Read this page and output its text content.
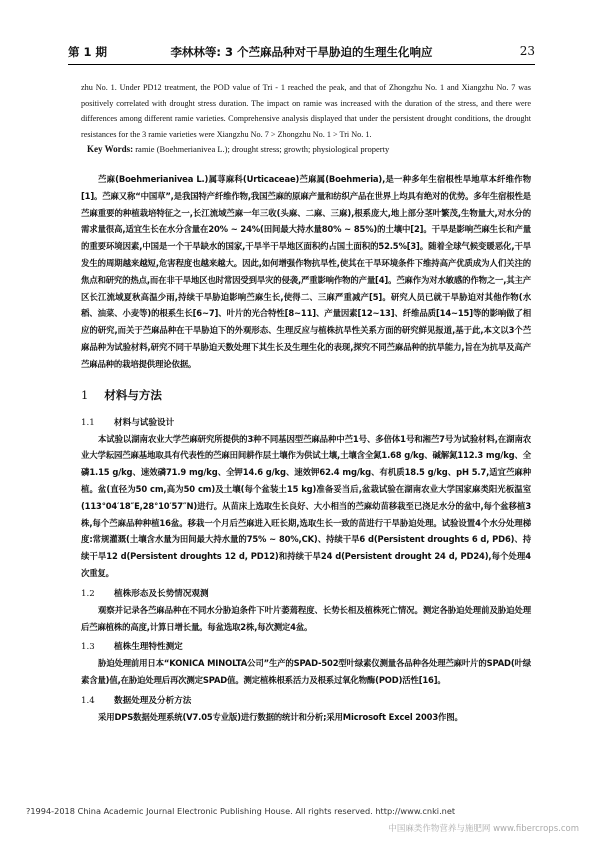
第 1 期	李林林等: 3 个苎麻品种对干旱胁迫的生理生化响应	23

zhu No. 1. Under PD12 treatment, the POD value of Tri - 1 reached the peak, and that of Zhongzhu No. 1 and Xiangzhu No. 7 was positively correlated with drought stress duration. The impact on ramie was increased with the duration of the stress, and there were differences among different ramie varieties. Comprehensive analysis displayed that under the persistent drought conditions, the drought resistances for the 3 ramie varieties were Xiangzhu No. 7 > Zhongzhu No. 1 > Tri No. 1.

Key Words: ramie (Boehmerianivea L.); drought stress; growth; physiological property

苎麻(Boehmerianivea L.)属荨麻科(Urticaceae)苎麻属(Boehmeria),是一种多年生宿根性旱地草本纤维作物[1]。苎麻又称“中国草”,是我国特产纤维作物,我国苎麻的原麻产量和纺织产品在世界上均具有绝对的优势。多年生宿根性是苎麻重要的种植栽培特征之一,长江流域苎麻一年三收(头麻、二麻、三麻),根系庞大,地上部分茎叶繁茂,生物量大,对水分的需求量很高,适宜生长在水分含量在20% ~ 24%(田间最大持水量80% ~ 85%)的土壤中[2]。干旱是影响苎麻生长和产量的重要环境因素,中国是一个干旱缺水的国家,干旱半干旱地区面积约占国土面积的52.5%[3]。随着全球气候变暖恶化,干旱发生的周期越来越短,危害程度也越来越大。因此,如何增强作物抗旱性,使其在干旱环境条件下维持高产优质成为人们关注的焦点和研究的热点,而在非干旱地区也时常因受到旱灾的侵袭,严重影响作物的产量[4]。苎麻作为对水敏感的作物之一,其主产区长江流域夏秋高温少雨,持续干旱胁迫影响苎麻生长,使得二、三麻严重减产[5]。研究人员已就干旱胁迫对其他作物(水稻、油菜、小麦等)的根系生长[6~7]、叶片的光合特性[8~11]、产量因素[12~13]、纤维品质[14~15]等的影响做了相应的研究,而关于苎麻品种在干旱胁迫下的外观形态、生理反应与植株抗旱性关系方面的研究鲜见报道,基于此,本文以3个苎麻品种为试验材料,研究不同干旱胁迫天数处理下其生长及生理生化的表现,探究不同苎麻品种的抗旱能力,旨在为抗旱及高产苎麻品种的栽培提供理论依据。

1 材料与方法
1.1 材料与试验设计

本试验以湖南农业大学苎麻研究所提供的3种不同基因型苎麻品种中苎1号、多倍体1号和湘苎7号为试验材料,在湖南农业大学耘园苎麻基地取具有代表性的苎麻田间耕作层土壤作为供试土壤,土壤含全氮1.68 g/kg、碱解氮112.3 mg/kg、全磷1.15 g/kg、速效磷71.9 mg/kg、全钾14.6 g/kg、速效钾62.4 mg/kg、有机质18.5 g/kg、pH 5.7,适宜苎麻种植。盆(直径为50 cm,高为50 cm)及土壤(每个盆装土15 kg)准备妥当后,盆栽试验在湖南农业大学国家麻类阳光板温室(113°04′18″E,28°10′57″N)进行。从苗床上选取生长良好、大小相当的苎麻幼苗移栽至已浇足水分的盆中,每个盆移植3株,每个苎麻品种种植16盆。移栽一个月后苎麻进入旺长期,选取生长一致的苗进行干旱胁迫处理。试验设置4个水分处理梯度:常规灌溉(土壤含水量为田间最大持水量的75% ~ 80%,CK)、持续干旱6 d(Persistent droughts 6 d, PD6)、持续干旱12 d(Persistent droughts 12 d, PD12)和持续干旱24 d(Persistent drought 24 d, PD24),每个处理4次重复。

1.2 植株形态及长势情况观测

观察并记录各苎麻品种在不同水分胁迫条件下叶片萎蔫程度、长势长相及植株死亡情况。测定各胁迫处理前及胁迫处理后苎麻植株的高度,计算日增长量。每盆选取2株,每次测定4盆。

1.3 植株生理特性测定

胁迫处理前用日本“KONICA MINOLTA公司”生产的SPAD-502型叶绿素仪测量各品种各处理苎麻叶片的SPAD(叶绿素含量)值,在胁迫处理后再次测定SPAD值。测定植株根系活力及根系过氧化物酶(POD)活性[16]。

1.4 数据处理及分析方法

采用DPS数据处理系统(V7.05专业版)进行数据的统计和分析;采用Microsoft Excel 2003作图。

?1994-2018 China Academic Journal Electronic Publishing House. All rights reserved. http://www.cnki.net
中国麻类作物营养与施肥网 www.fibercrops.com
